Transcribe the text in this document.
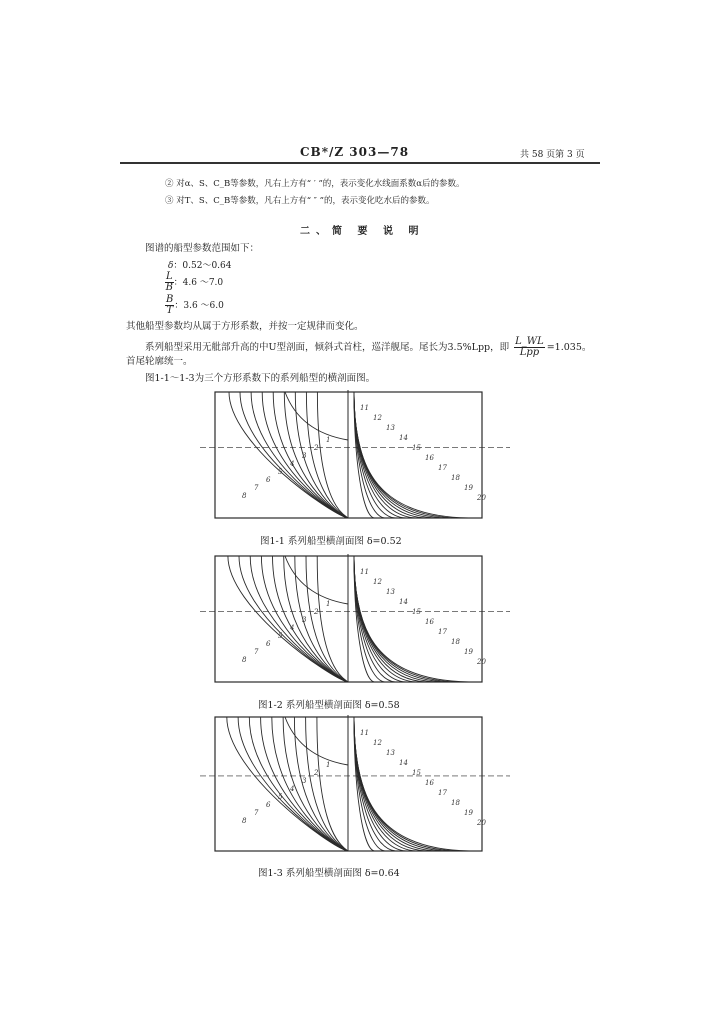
CB*/Z 303—78	共 58 页第 3 页
② 对α、S、C_B等参数，凡右上方有“ ′ ”的，表示变化水线面系数α后的参数。
③ 对T、S、C_B等参数，凡右上方有“ ″ ”的，表示变化吃水后的参数。
二、简 要 说 明
图谱的船型参数范围如下：
δ：0.52～0.64
$\frac{L}{B}$ ：4.6 ～7.0
$\frac{B}{T}$ ：3.6 ～6.0
其他船型参数均从属于方形系数，并按一定规律而变化。
系列船型采用无舭部升高的中U型剖面，倾斜式首柱，巡洋舰尾。尾长为3.5%Lpp，即 $\frac{L\_WL}{\text{Lpp}} =1.035$。
首尾轮廓统一。
图1-1～1-3为三个方形系数下的系列船型的横剖面图。
1
2
3
4
5
6
7
8
11
12
13
14
15
16
17
18
19
20
图1-1 系列船型横剖面图 δ=0.52
1
2
3
4
5
6
7
8
11
12
13
14
15
16
17
18
19
20
图1-2 系列船型横剖面图 δ=0.58
1
2
3
4
5
6
7
8
11
12
13
14
15
16
17
18
19
20
图1-3 系列船型横剖面图 δ=0.64
